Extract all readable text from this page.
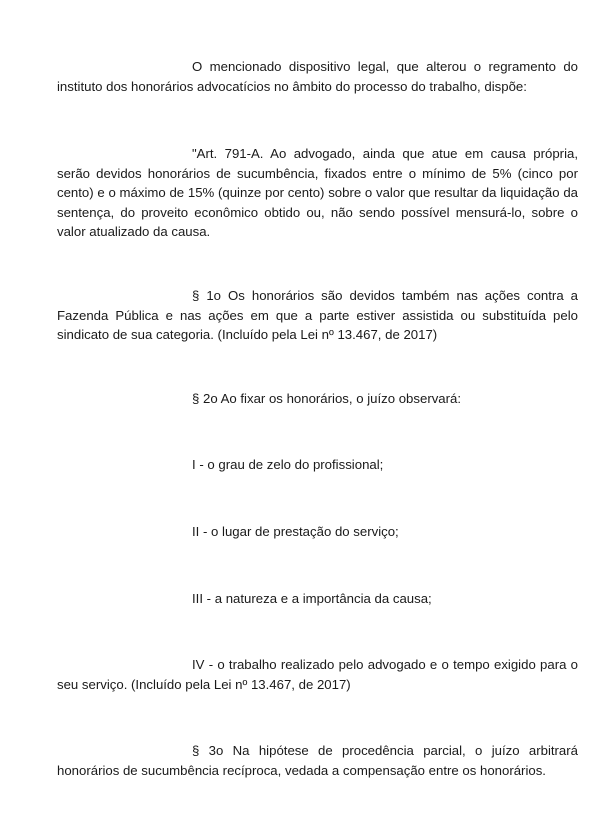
O mencionado dispositivo legal, que alterou o regramento do instituto dos honorários advocatícios no âmbito do processo do trabalho, dispõe:

"Art. 791-A. Ao advogado, ainda que atue em causa própria, serão devidos honorários de sucumbência, fixados entre o mínimo de 5% (cinco por cento) e o máximo de 15% (quinze por cento) sobre o valor que resultar da liquidação da sentença, do proveito econômico obtido ou, não sendo possível mensurá-lo, sobre o valor atualizado da causa.

§ 1o Os honorários são devidos também nas ações contra a Fazenda Pública e nas ações em que a parte estiver assistida ou substituída pelo sindicato de sua categoria. (Incluído pela Lei nº 13.467, de 2017)

§ 2o Ao fixar os honorários, o juízo observará:

I - o grau de zelo do profissional;

II - o lugar de prestação do serviço;

III - a natureza e a importância da causa;

IV - o trabalho realizado pelo advogado e o tempo exigido para o seu serviço. (Incluído pela Lei nº 13.467, de 2017)

§ 3o Na hipótese de procedência parcial, o juízo arbitrará honorários de sucumbência recíproca, vedada a compensação entre os honorários.
